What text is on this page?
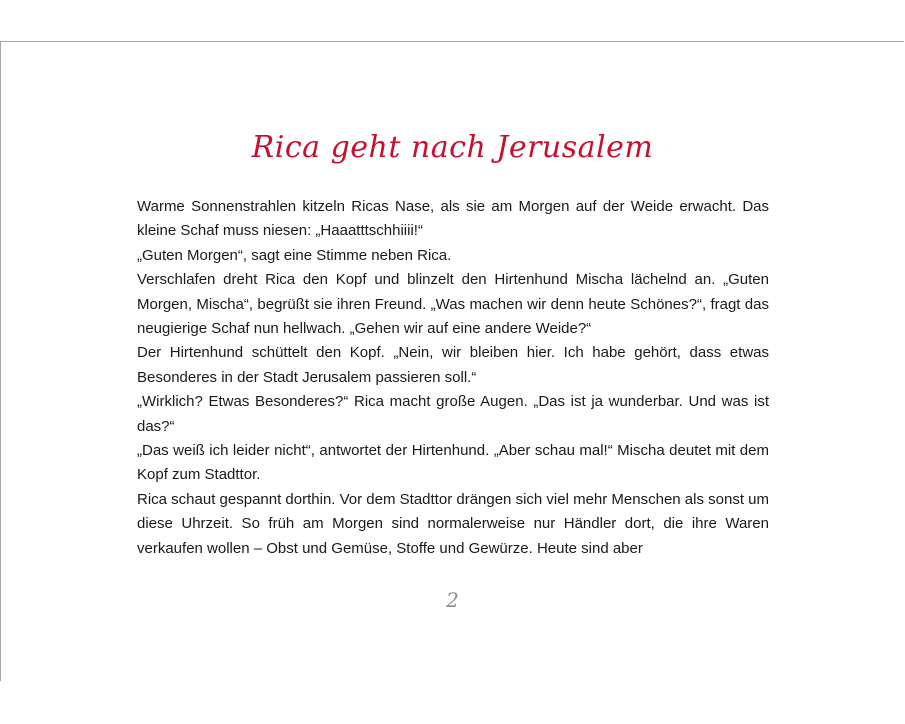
Rica geht nach Jerusalem

Warme Sonnenstrahlen kitzeln Ricas Nase, als sie am Morgen auf der Weide erwacht. Das kleine Schaf muss niesen: „Haaatttschhiiii!“

„Guten Morgen“, sagt eine Stimme neben Rica.

Verschlafen dreht Rica den Kopf und blinzelt den Hirtenhund Mischa lächelnd an. „Guten Morgen, Mischa“, begrüßt sie ihren Freund. „Was machen wir denn heute Schönes?“, fragt das neugierige Schaf nun hellwach. „Gehen wir auf eine andere Weide?“

Der Hirtenhund schüttelt den Kopf. „Nein, wir bleiben hier. Ich habe gehört, dass etwas Besonderes in der Stadt Jerusalem passieren soll.“

„Wirklich? Etwas Besonderes?“ Rica macht große Augen. „Das ist ja wunderbar. Und was ist das?“

„Das weiß ich leider nicht“, antwortet der Hirtenhund. „Aber schau mal!“ Mischa deutet mit dem Kopf zum Stadttor.

Rica schaut gespannt dorthin. Vor dem Stadttor drängen sich viel mehr Menschen als sonst um diese Uhrzeit. So früh am Morgen sind normalerweise nur Händler dort, die ihre Waren verkaufen wollen – Obst und Gemüse, Stoffe und Gewürze. Heute sind aber

2
